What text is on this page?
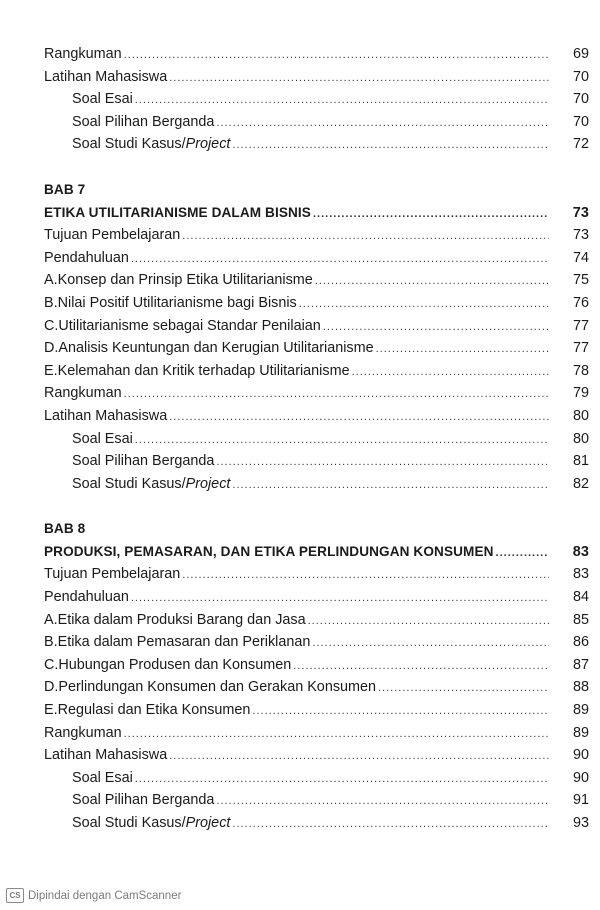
Rangkuman .....	69
Latihan Mahasiswa .....	70
Soal Esai .....	70
Soal Pilihan Berganda .....	70
Soal Studi Kasus/ Project .....	72
BAB 7
ETIKA UTILITARIANISME DALAM BISNIS .....	73
Tujuan Pembelajaran .....	73
Pendahuluan .....	74
A. Konsep dan Prinsip Etika Utilitarianisme .....	75
B. Nilai Positif Utilitarianisme bagi Bisnis .....	76
C. Utilitarianisme sebagai Standar Penilaian .....	77
D. Analisis Keuntungan dan Kerugian Utilitarianisme .....	77
E. Kelemahan dan Kritik terhadap Utilitarianisme .....	78
Rangkuman .....	79
Latihan Mahasiswa .....	80
Soal Esai .....	80
Soal Pilihan Berganda .....	81
Soal Studi Kasus/ Project .....	82
BAB 8
PRODUKSI, PEMASARAN, DAN ETIKA PERLINDUNGAN KONSUMEN .....	83
Tujuan Pembelajaran .....	83
Pendahuluan .....	84
A. Etika dalam Produksi Barang dan Jasa .....	85
B. Etika dalam Pemasaran dan Periklanan .....	86
C. Hubungan Produsen dan Konsumen .....	87
D. Perlindungan Konsumen dan Gerakan Konsumen .....	88
E. Regulasi dan Etika Konsumen .....	89
Rangkuman .....	89
Latihan Mahasiswa .....	90
Soal Esai .....	90
Soal Pilihan Berganda .....	91
Soal Studi Kasus/ Project .....	93
CS Dipindai dengan CamScanner
